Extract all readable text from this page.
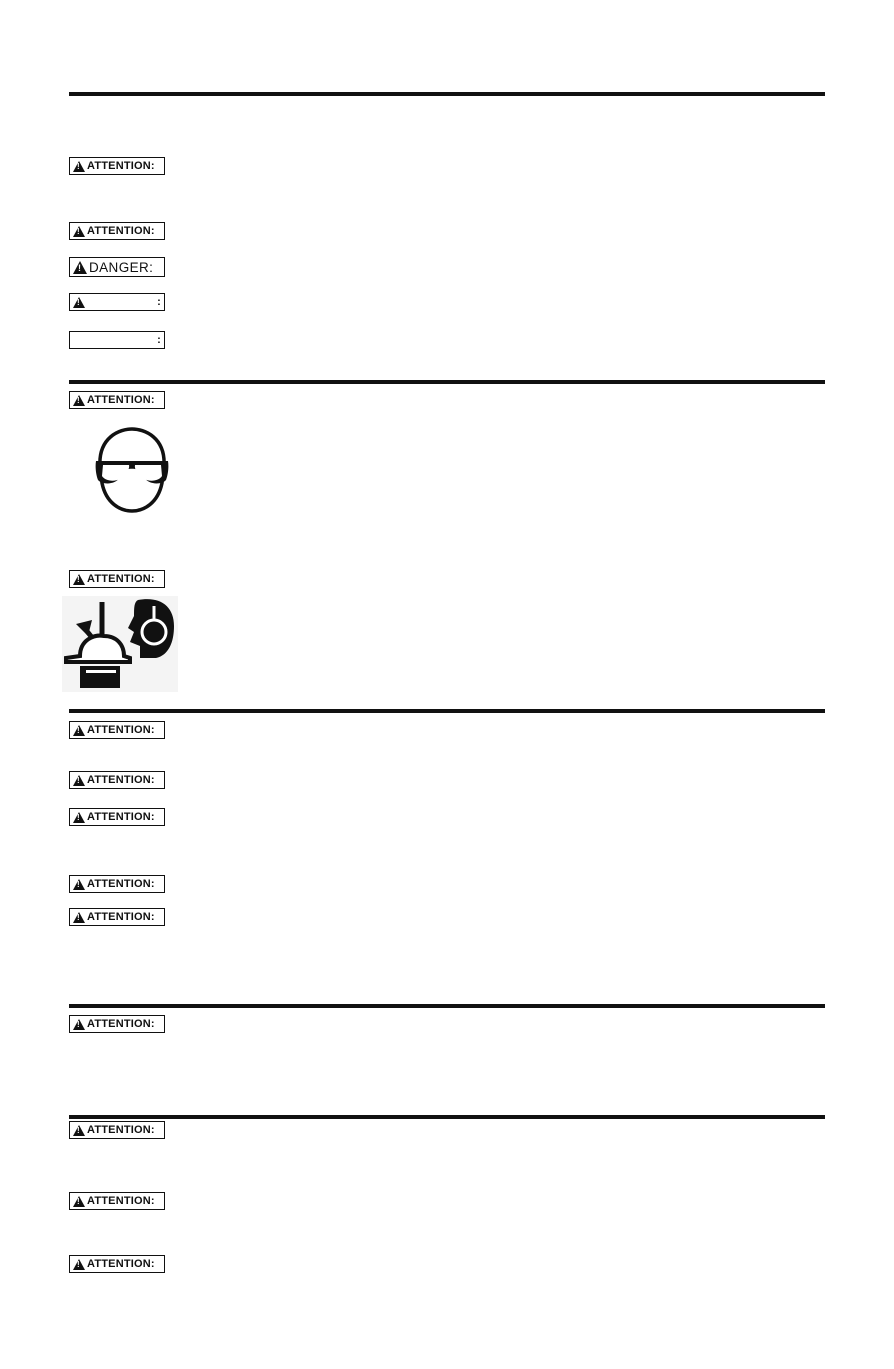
!
ATTENTION:
!
ATTENTION:
!
DANGER:
!
:
:
!
ATTENTION:
!
ATTENTION:
!
ATTENTION:
!
ATTENTION:
!
ATTENTION:
!
ATTENTION:
!
ATTENTION:
!
ATTENTION:
!
ATTENTION:
!
ATTENTION:
!
ATTENTION:
